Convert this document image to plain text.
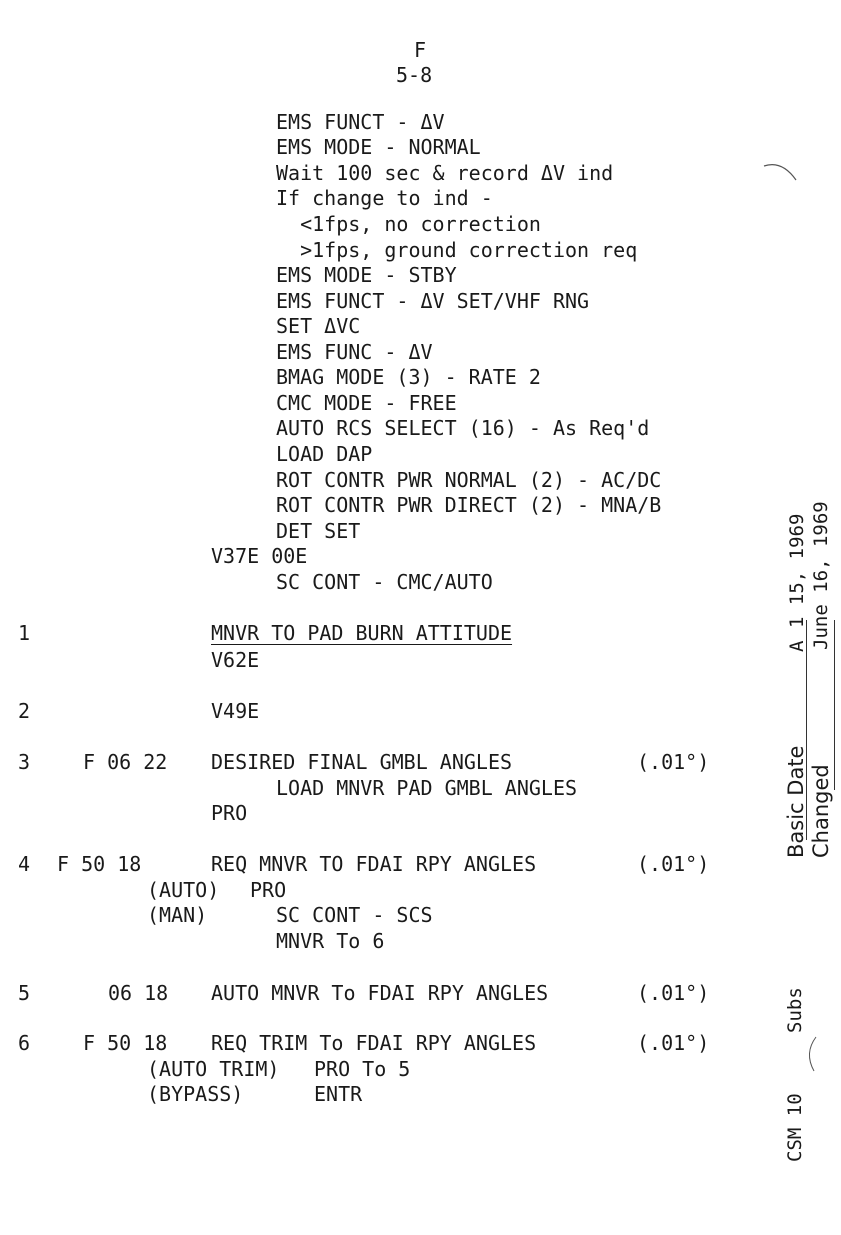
F
5-8
EMS FUNCT - ΔV
EMS MODE - NORMAL
Wait 100 sec & record ΔV ind
If change to ind -
<1fps, no correction
>1fps, ground correction req
EMS MODE - STBY
EMS FUNCT - ΔV SET/VHF RNG
SET ΔVC
EMS FUNC - ΔV
BMAG MODE (3) - RATE 2
CMC MODE - FREE
AUTO RCS SELECT (16) - As Req'd
LOAD DAP
ROT CONTR PWR NORMAL (2) - AC/DC
ROT CONTR PWR DIRECT (2) - MNA/B
DET SET
V37E 00E
SC CONT - CMC/AUTO
1	MNVR TO PAD BURN ATTITUDE
V62E
2	V49E
3	F 06 22 DESIRED FINAL GMBL ANGLES	(.01°)
LOAD MNVR PAD GMBL ANGLES
PRO
4 F 50 18	REQ MNVR TO FDAI RPY ANGLES	(.01°)
(AUTO) PRO
(MAN)	SC CONT - SCS
MNVR To 6
5	06 18 AUTO MNVR To FDAI RPY ANGLES	(.01°)
6	F 50 18 REQ TRIM To FDAI RPY ANGLES	(.01°)
(AUTO TRIM) PRO To 5
(BYPASS)	ENTR
Basic Date Changed
A
1 15, 1969 June 16, 1969
CSM 10
Subs
